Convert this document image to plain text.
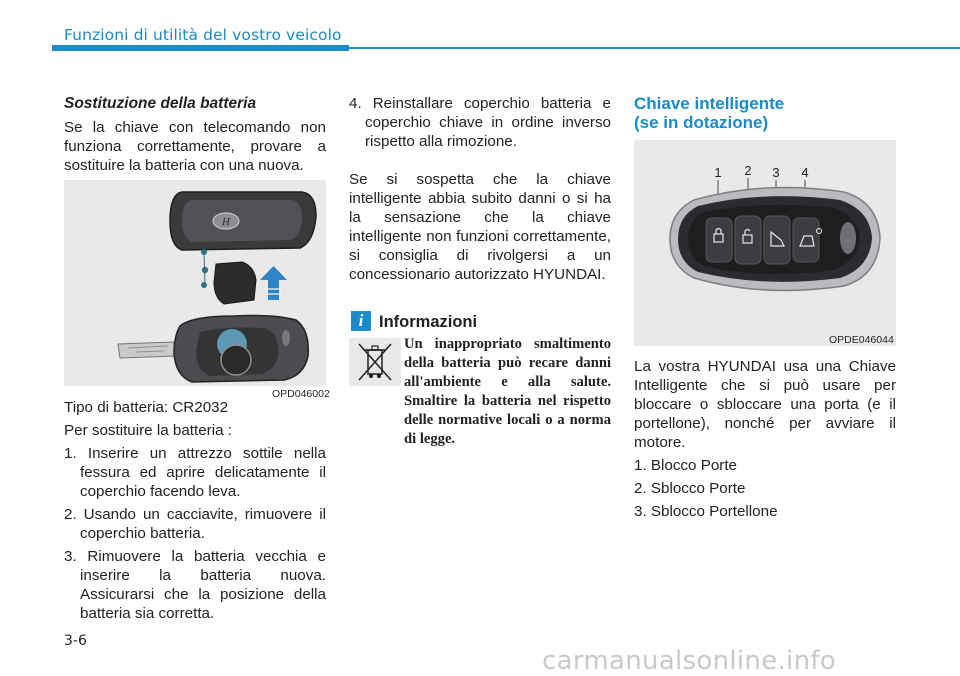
Funzioni di utilità del vostro veicolo

Sostituzione della batteria

Se la chiave con telecomando non funziona correttamente, provare a sostituire la batteria con una nuova.

H
OPD046002

Tipo di batteria: CR2032

Per sostituire la batteria :

1. Inserire un attrezzo sottile nella fessura ed aprire delicatamente il coperchio facendo leva.

2. Usando un cacciavite, rimuovere il coperchio batteria.

3. Rimuovere la batteria vecchia e inserire la batteria nuova. Assicurarsi che la posizione della batteria sia corretta.

4. Reinstallare coperchio batteria e coperchio chiave in ordine inverso rispetto alla rimozione.

Se si sospetta che la chiave intelligente abbia subito danni o si ha la sensazione che la chiave intelligente non funzioni correttamente, si consiglia di rivolgersi a un concessionario autorizzato HYUNDAI.

i Informazioni
Un inappropriato smaltimento della batteria può recare danni all'ambiente e alla salute. Smaltire la batteria nel rispetto delle normative locali o a norma di legge.
Chiave intelligente
(se in dotazione)
1 2 3 4
OPDE046044

La vostra HYUNDAI usa una Chiave Intelligente che si può usare per bloccare o sbloccare una porta (e il portellone), nonché per avviare il motore.

1. Blocco Porte

2. Sblocco Porte

3. Sblocco Portellone

3-6
carmanualsonline.info
